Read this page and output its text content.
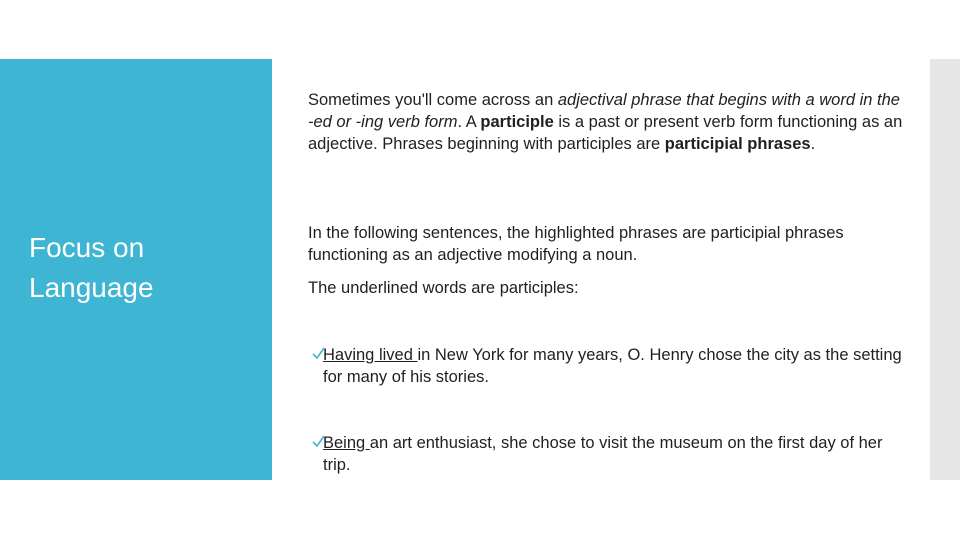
Focus on Language

Sometimes you'll come across an adjectival phrase that begins with a word in the -ed or -ing verb form. A participle is a past or present verb form functioning as an adjective. Phrases beginning with participles are participial phrases.

In the following sentences, the highlighted phrases are participial phrases functioning as an adjective modifying a noun.

The underlined words are participles:

Having lived in New York for many years, O. Henry chose the city as the setting for many of his stories.

Being an art enthusiast, she chose to visit the museum on the first day of her trip.
